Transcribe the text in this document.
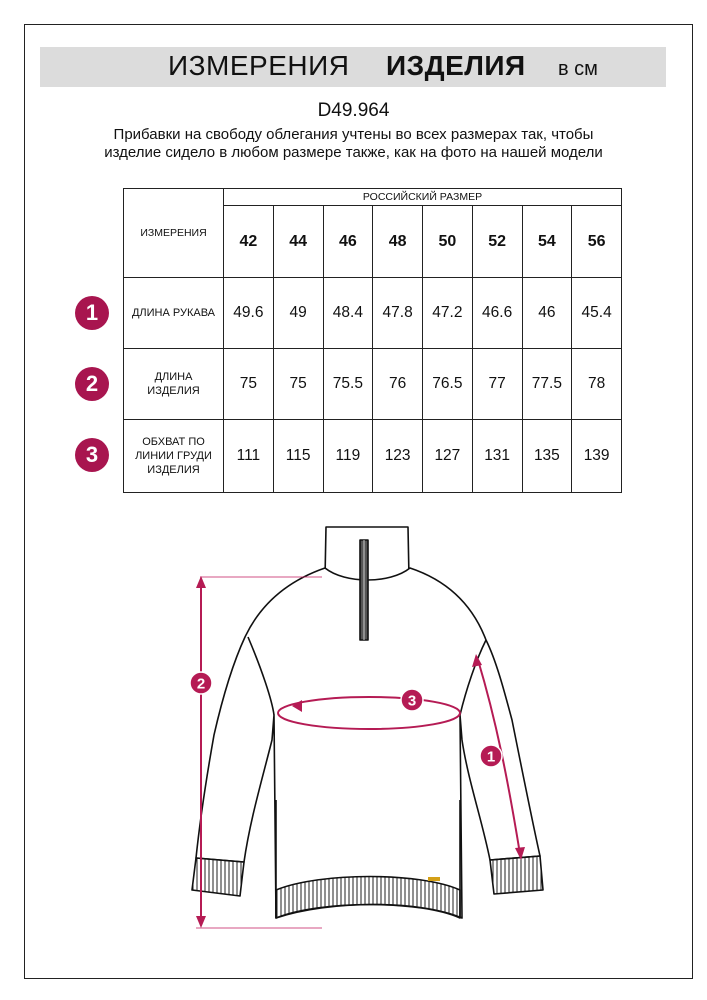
ИЗМЕРЕНИЯ ИЗДЕЛИЯ в см
D49.964
Прибавки на свободу облегания учтены во всех размерах так, чтобы изделие сидело в любом размере также, как на фото на нашей модели
ИЗМЕРЕНИЯ	РОССИЙСКИЙ РАЗМЕР							
	42	44	46	48	50	52	54	56
ДЛИНА РУКАВА	49.6	49	48.4	47.8	47.2	46.6	46	45.4
ДЛИНА ИЗДЕЛИЯ	75	75	75.5	76	76.5	77	77.5	78
ОБХВАТ ПО ЛИНИИ ГРУДИ ИЗДЕЛИЯ	111	115	119	123	127	131	135	139
1
2
3
2
3
1
